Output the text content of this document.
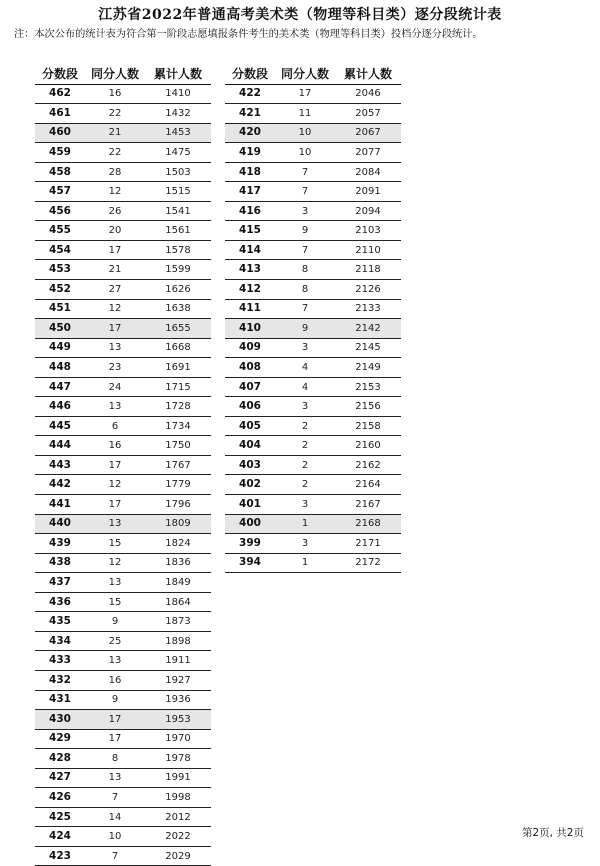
江苏省2022年普通高考美术类（物理等科目类）逐分段统计表
注：本次公布的统计表为符合第一阶段志愿填报条件考生的美术类（物理等科目类）投档分逐分段统计。
分数段	同分人数	累计人数
462	16	1410
461	22	1432
460	21	1453
459	22	1475
458	28	1503
457	12	1515
456	26	1541
455	20	1561
454	17	1578
453	21	1599
452	27	1626
451	12	1638
450	17	1655
449	13	1668
448	23	1691
447	24	1715
446	13	1728
445	6	1734
444	16	1750
443	17	1767
442	12	1779
441	17	1796
440	13	1809
439	15	1824
438	12	1836
437	13	1849
436	15	1864
435	9	1873
434	25	1898
433	13	1911
432	16	1927
431	9	1936
430	17	1953
429	17	1970
428	8	1978
427	13	1991
426	7	1998
425	14	2012
424	10	2022
423	7	2029
分数段	同分人数	累计人数
422	17	2046
421	11	2057
420	10	2067
419	10	2077
418	7	2084
417	7	2091
416	3	2094
415	9	2103
414	7	2110
413	8	2118
412	8	2126
411	7	2133
410	9	2142
409	3	2145
408	4	2149
407	4	2153
406	3	2156
405	2	2158
404	2	2160
403	2	2162
402	2	2164
401	3	2167
400	1	2168
399	3	2171
394	1	2172
第2页, 共2页
